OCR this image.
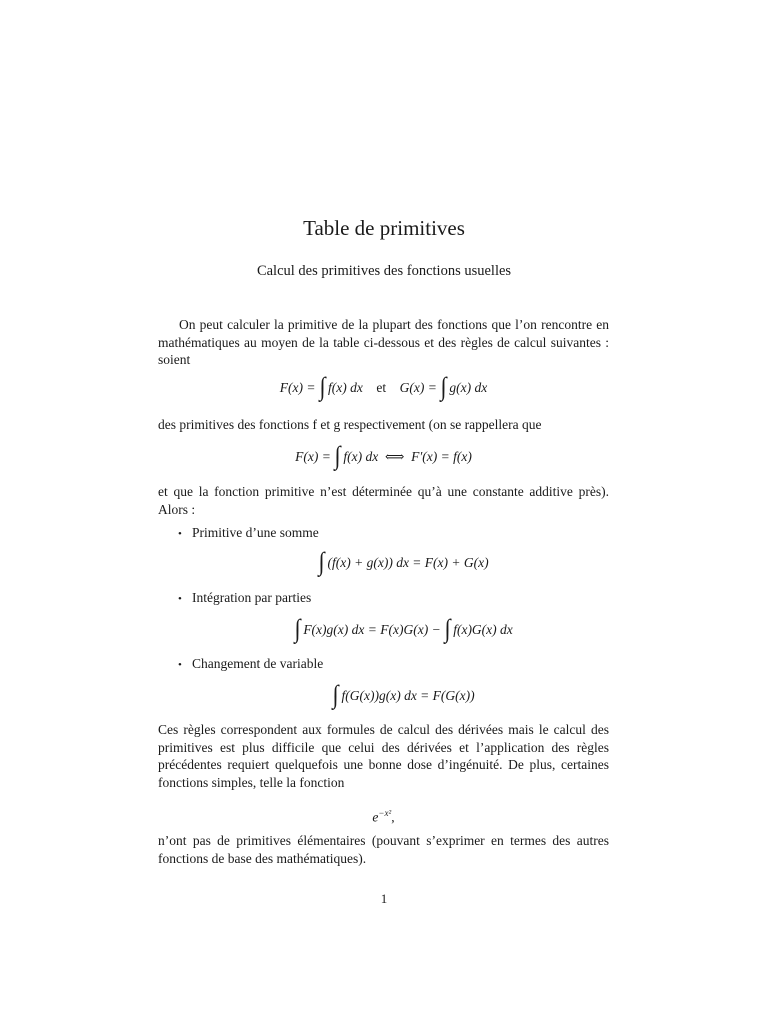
Table de primitives
Calcul des primitives des fonctions usuelles
On peut calculer la primitive de la plupart des fonctions que l’on rencontre en mathématiques au moyen de la table ci-dessous et des règles de calcul suivantes : soient
F(x) = ∫ f(x) dx et G(x) = ∫ g(x) dx
des primitives des fonctions f et g respectivement (on se rappellera que
F(x) = ∫ f(x) dx ⟺ F′(x) = f(x)
et que la fonction primitive n’est déterminée qu’à une constante additive près). Alors :
• Primitive d’une somme
∫ (f(x) + g(x)) dx = F(x) + G(x)
• Intégration par parties
∫ F(x)g(x) dx = F(x)G(x) − ∫ f(x)G(x) dx
• Changement de variable
∫ f(G(x))g(x) dx = F(G(x))
Ces règles correspondent aux formules de calcul des dérivées mais le calcul des primitives est plus difficile que celui des dérivées et l’application des règles précédentes requiert quelquefois une bonne dose d’ingénuité. De plus, certaines fonctions simples, telle la fonction
$e^{-x^2}$,
n’ont pas de primitives élémentaires (pouvant s’exprimer en termes des autres fonctions de base des mathématiques).
1
